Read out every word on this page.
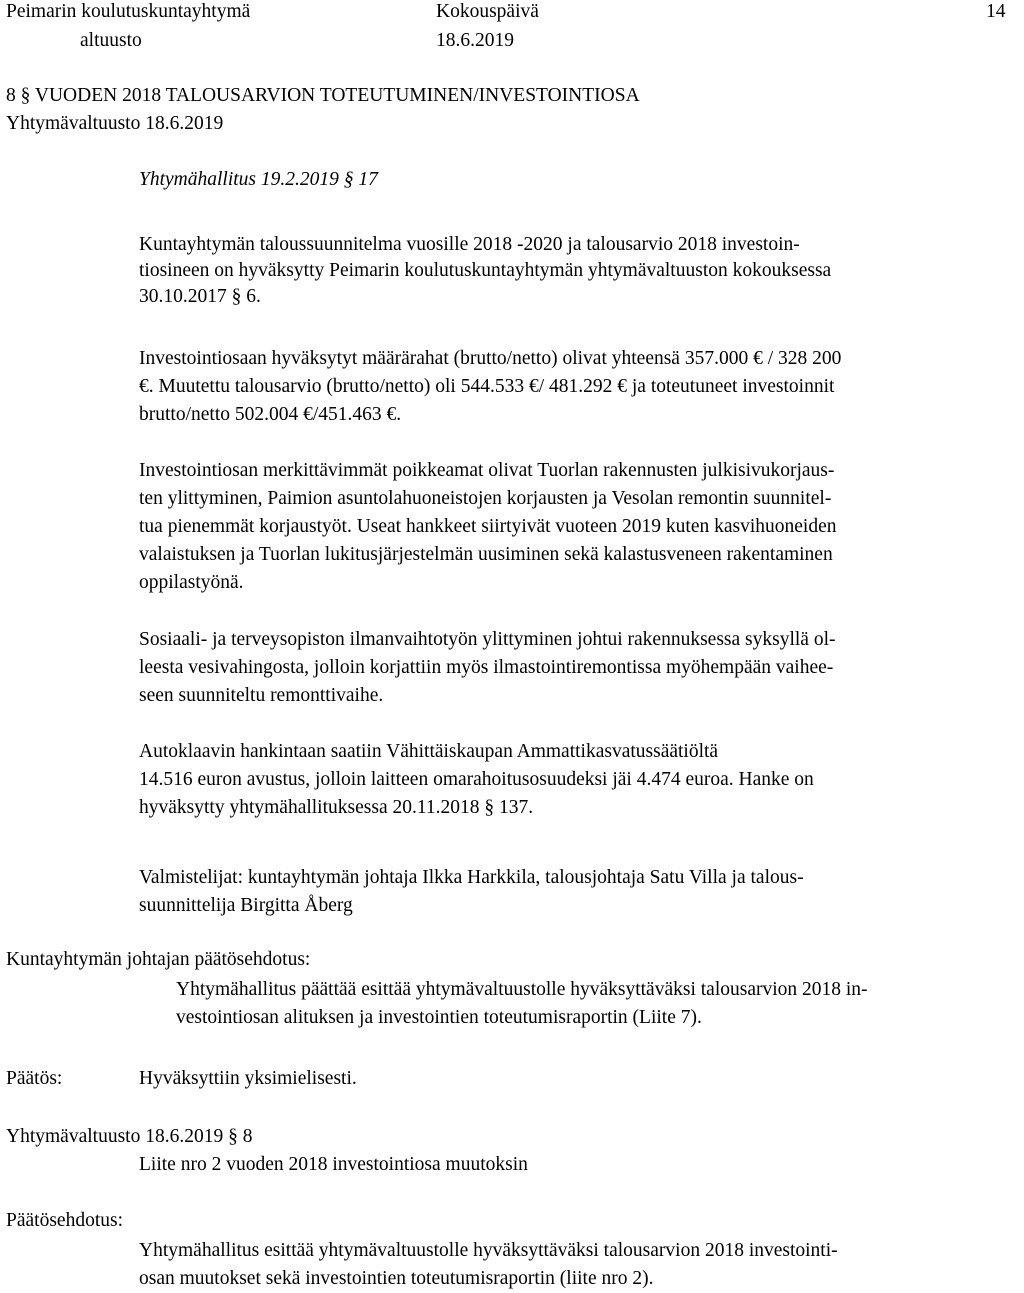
Peimarin koulutuskuntayhtymä

altuusto

Kokouspäivä

18.6.2019

14

8 § VUODEN 2018 TALOUSARVION TOTEUTUMINEN/INVESTOINTIOSA

Yhtymävaltuusto 18.6.2019

Yhtymähallitus 19.2.2019 § 17

Kuntayhtymän taloussuunnitelma vuosille 2018 -2020 ja talousarvio 2018 investoin-
tiosineen on hyväksytty Peimarin koulutuskuntayhtymän yhtymävaltuuston kokouksessa
30.10.2017 § 6.
Investointiosaan hyväksytyt määrärahat (brutto/netto) olivat yhteensä 357.000 € / 328 200
€. Muutettu talousarvio (brutto/netto) oli 544.533 €/ 481.292 € ja toteutuneet investoinnit
brutto/netto 502.004 €/451.463 €.
Investointiosan merkittävimmät poikkeamat olivat Tuorlan rakennusten julkisivukorjaus-
ten ylittyminen, Paimion asuntolahuoneistojen korjausten ja Vesolan remontin suunnitel-
tua pienemmät korjaustyöt. Useat hankkeet siirtyivät vuoteen 2019 kuten kasvihuoneiden
valaistuksen ja Tuorlan lukitusjärjestelmän uusiminen sekä kalastusveneen rakentaminen
oppilastyönä.
Sosiaali- ja terveysopiston ilmanvaihtotyön ylittyminen johtui rakennuksessa syksyllä ol-
leesta vesivahingosta, jolloin korjattiin myös ilmastointiremontissa myöhempään vaihee-
seen suunniteltu remonttivaihe.
Autoklaavin hankintaan saatiin Vähittäiskaupan Ammattikasvatussäätiöltä
14.516 euron avustus, jolloin laitteen omarahoitusosuudeksi jäi 4.474 euroa. Hanke on
hyväksytty yhtymähallituksessa 20.11.2018 § 137.
Valmistelijat: kuntayhtymän johtaja Ilkka Harkkila, talousjohtaja Satu Villa ja talous-
suunnittelija Birgitta Åberg

Kuntayhtymän johtajan päätösehdotus:

Yhtymähallitus päättää esittää yhtymävaltuustolle hyväksyttäväksi talousarvion 2018 in-
vestointiosan alituksen ja investointien toteutumisraportin (Liite 7).

Päätös:	Hyväksyttiin yksimielisesti.

Yhtymävaltuusto 18.6.2019 § 8

Liite nro 2 vuoden 2018 investointiosa muutoksin

Päätösehdotus:

Yhtymähallitus esittää yhtymävaltuustolle hyväksyttäväksi talousarvion 2018 investointi-
osan muutokset sekä investointien toteutumisraportin (liite nro 2).
